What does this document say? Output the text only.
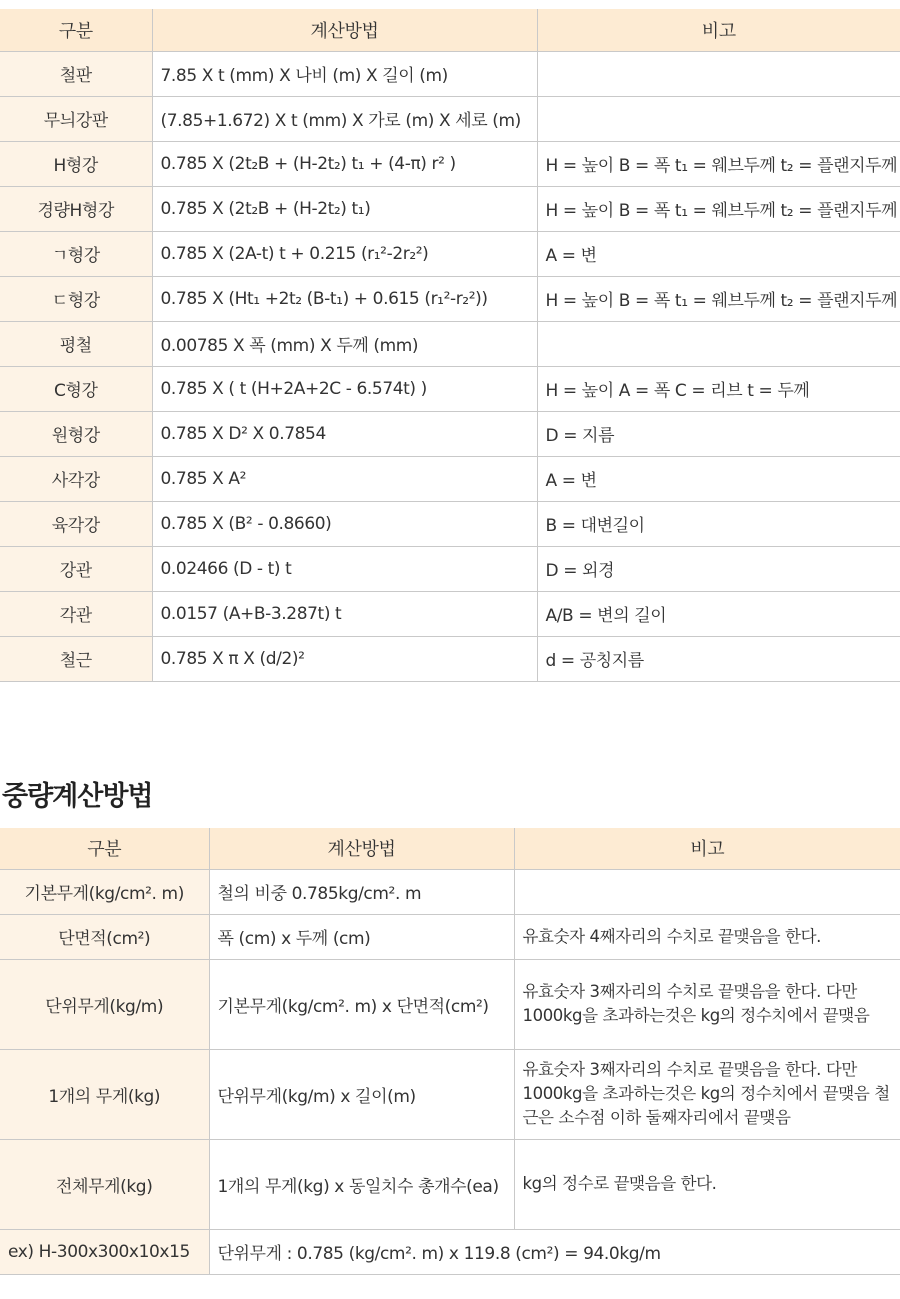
구분	계산방법	비고
철판	7.85 X t (mm) X 나비 (m) X 길이 (m)	
무늬강판	(7.85+1.672) X t (mm) X 가로 (m) X 세로 (m)	
H형강	0.785 X (2t₂B + (H-2t₂) t₁ + (4-π) r² )	H = 높이 B = 폭 t₁ = 웨브두께 t₂ = 플랜지두께
경량H형강	0.785 X (2t₂B + (H-2t₂) t₁)	H = 높이 B = 폭 t₁ = 웨브두께 t₂ = 플랜지두께
ㄱ형강	0.785 X (2A-t) t + 0.215 (r₁²-2r₂²)	A = 변
ㄷ형강	0.785 X (Ht₁ +2t₂ (B-t₁) + 0.615 (r₁²-r₂²))	H = 높이 B = 폭 t₁ = 웨브두께 t₂ = 플랜지두께
평철	0.00785 X 폭 (mm) X 두께 (mm)	
C형강	0.785 X ( t (H+2A+2C - 6.574t) )	H = 높이 A = 폭 C = 리브 t = 두께
원형강	0.785 X D² X 0.7854	D = 지름
사각강	0.785 X A²	A = 변
육각강	0.785 X (B² - 0.8660)	B = 대변길이
강관	0.02466 (D - t) t	D = 외경
각관	0.0157 (A+B-3.287t) t	A/B = 변의 길이
철근	0.785 X π X (d/2)²	d = 공칭지름
중량계산방법
구분	계산방법	비고
기본무게(kg/cm². m)	철의 비중 0.785kg/cm². m	
단면적(cm²)	폭 (cm) x 두께 (cm)	유효숫자 4째자리의 수치로 끝맺음을 한다.
단위무게(kg/m)	기본무게(kg/cm². m) x 단면적(cm²)	유효숫자 3째자리의 수치로 끝맺음을 한다. 다만 1000kg을 초과하는것은 kg의 정수치에서 끝맺음
1개의 무게(kg)	단위무게(kg/m) x 길이(m)	유효숫자 3째자리의 수치로 끝맺음을 한다. 다만 1000kg을 초과하는것은 kg의 정수치에서 끝맺음 철근은 소수점 이하 둘째자리에서 끝맺음
전체무게(kg)	1개의 무게(kg) x 동일치수 총개수(ea)	kg의 정수로 끝맺음을 한다.
ex) H-300x300x10x15	단위무게 : 0.785 (kg/cm². m) x 119.8 (cm²) = 94.0kg/m	
